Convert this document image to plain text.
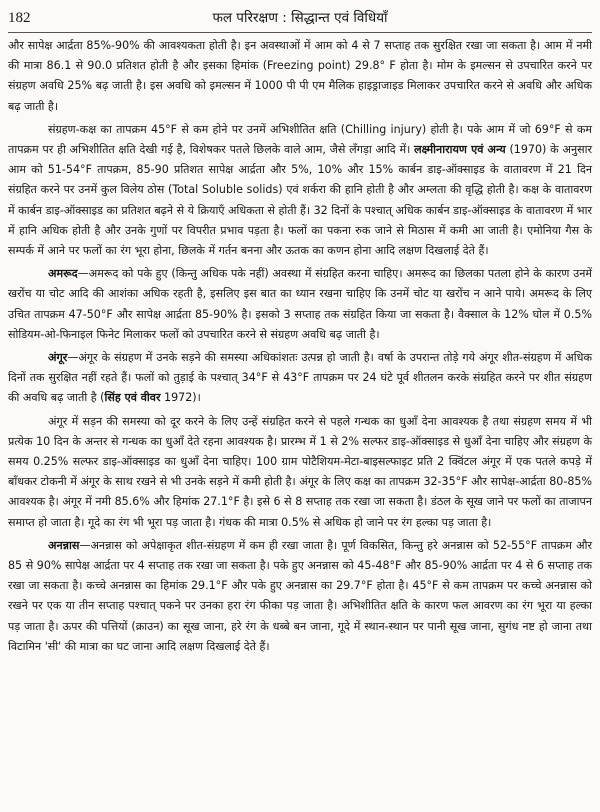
182	फल परिरक्षण : सिद्धान्त एवं विधियाँ

और सापेक्ष आर्द्रता 85%-90% की आवश्यकता होती है। इन अवस्थाओं में आम को 4 से 7 सप्ताह तक सुरक्षित रखा जा सकता है। आम में नमी की मात्रा 86.1 से 90.0 प्रतिशत होती है और इसका हिमांक (Freezing point) 29.8° F होता है। मोम के इमल्सन से उपचारित करने पर संग्रहण अवधि 25% बढ़ जाती है। इस अवधि को इमल्सन में 1000 पी पी एम मैलिक हाइड्राजाइड मिलाकर उपचारित करने से अवधि और अधिक बढ़ जाती है।

संग्रहण-कक्ष का तापक्रम 45°F से कम होने पर उनमें अभिशीतित क्षति (Chilling injury) होती है। पके आम में जो 69°F से कम तापक्रम पर ही अभिशीतित क्षति देखी गई है, विशेषकर पतले छिलके वाले आम, जैसे लँगड़ा आदि में। लक्ष्मीनारायण एवं अन्य (1970) के अनुसार आम को 51-54°F तापक्रम, 85-90 प्रतिशत सापेक्ष आर्द्रता और 5%, 10% और 15% कार्बन डाइ-ऑक्साइड के वातावरण में 21 दिन संग्रहित करने पर उनमें कुल विलेय ठोस (Total Soluble solids) एवं शर्करा की हानि होती है और अम्लता की वृद्धि होती है। कक्ष के वातावरण में कार्बन डाइ-ऑक्साइड का प्रतिशत बढ़ने से ये क्रियाएँ अधिकता से होती हैं। 32 दिनों के पश्चात् अधिक कार्बन डाइ-ऑक्साइड के वातावरण में भार में हानि अधिक होती है और उनके गुणों पर विपरीत प्रभाव पड़ता है। फलों का पकना रुक जाने से मिठास में कमी आ जाती है। एमोनिया गैस के सम्पर्क में आने पर फलों का रंग भूरा होना, छिलके में गर्तन बनना और ऊतक का कणन होना आदि लक्षण दिखलाई देते हैं।

अमरूद—अमरूद को पके हुए (किन्तु अधिक पके नहीं) अवस्था में संग्रहित करना चाहिए। अमरूद का छिलका पतला होने के कारण उनमें खरोंच या चोट आदि की आशंका अधिक रहती है, इसलिए इस बात का ध्यान रखना चाहिए कि उनमें चोट या खरोंच न आने पाये। अमरूद के लिए उचित तापक्रम 47-50°F और सापेक्ष आर्द्रता 85-90% है। इसको 3 सप्ताह तक संग्रहित किया जा सकता है। वैक्साल के 12% घोल में 0.5% सोडियम-ओ-फिनाइल फिनेट मिलाकर फलों को उपचारित करने से संग्रहण अवधि बढ़ जाती है।

अंगूर—अंगूर के संग्रहण में उनके सड़ने की समस्या अधिकांशतः उत्पन्न हो जाती है। वर्षा के उपरान्त तोड़े गये अंगूर शीत-संग्रहण में अधिक दिनों तक सुरक्षित नहीं रहते हैं। फलों को तुड़ाई के पश्चात् 34°F से 43°F तापक्रम पर 24 घंटे पूर्व शीतलन करके संग्रहित करने पर शीत संग्रहण की अवधि बढ़ जाती है (सिंह एवं वीवर 1972)।

अंगूर में सड़न की समस्या को दूर करने के लिए उन्हें संग्रहित करने से पहले गन्धक का धुआँ देना आवश्यक है तथा संग्रहण समय में भी प्रत्येक 10 दिन के अन्तर से गन्धक का धुआँ देते रहना आवश्यक है। प्रारम्भ में 1 से 2% सल्फर डाइ-ऑक्साइड से धुआँ देना चाहिए और संग्रहण के समय 0.25% सल्फर डाइ-ऑक्साइड का धुआँ देना चाहिए। 100 ग्राम पोटैशियम-मेटा-बाइसल्फाइट प्रति 2 क्विंटल अंगूर में एक पतले कपड़े में बाँधकर टोकनी में अंगूर के साथ रखने से भी उनके सड़ने में कमी होती है। अंगूर के लिए कक्ष का तापक्रम 32-35°F और सापेक्ष-आर्द्रता 80-85% आवश्यक है। अंगूर में नमी 85.6% और हिमांक 27.1°F है। इसे 6 से 8 सप्ताह तक रखा जा सकता है। डंठल के सूख जाने पर फलों का ताजापन समाप्त हो जाता है। गूदे का रंग भी भूरा पड़ जाता है। गंधक की मात्रा 0.5% से अधिक हो जाने पर रंग हल्का पड़ जाता है।

अनन्नास—अनन्नास को अपेक्षाकृत शीत-संग्रहण में कम ही रखा जाता है। पूर्ण विकसित, किन्तु हरे अनन्नास को 52-55°F तापक्रम और 85 से 90% सापेक्ष आर्द्रता पर 4 सप्ताह तक रखा जा सकता है। पके हुए अनन्नास को 45-48°F और 85-90% आर्द्रता पर 4 से 6 सप्ताह तक रखा जा सकता है। कच्चे अनन्नास का हिमांक 29.1°F और पके हुए अनन्नास का 29.7°F होता है। 45°F से कम तापक्रम पर कच्चे अनन्नास को रखने पर एक या तीन सप्ताह पश्चात् पकने पर उनका हरा रंग फीका पड़ जाता है। अभिशीतित क्षति के कारण फल आवरण का रंग भूरा या हल्का पड़ जाता है। ऊपर की पत्तियों (क्राउन) का सूख जाना, हरे रंग के धब्बे बन जाना, गूदे में स्थान-स्थान पर पानी सूख जाना, सुगंध नष्ट हो जाना तथा विटामिन 'सी' की मात्रा का घट जाना आदि लक्षण दिखलाई देते हैं।
